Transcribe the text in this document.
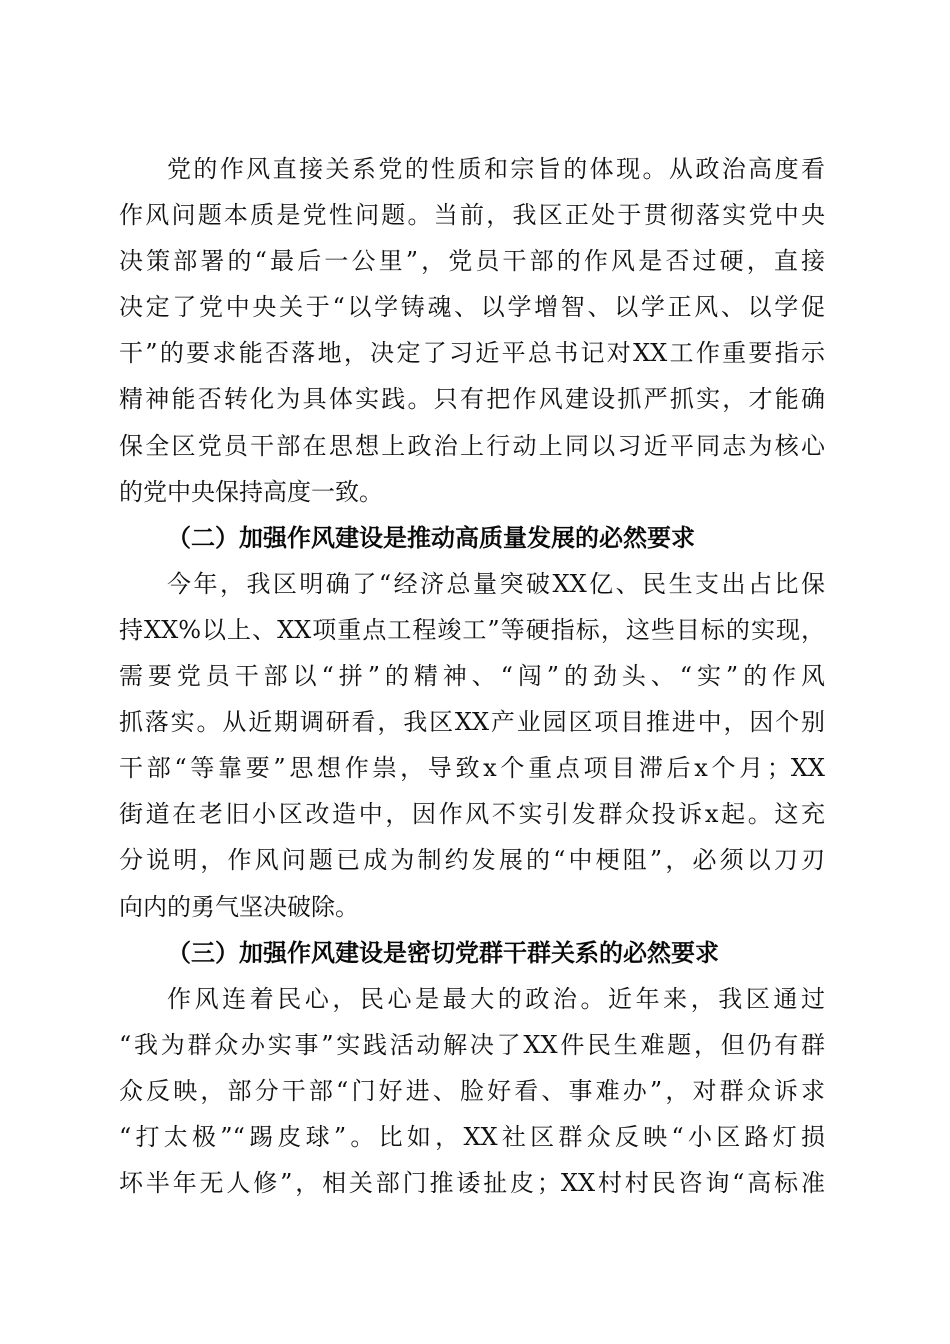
党的作风直接关系党的性质和宗旨的体现。从政治高度看
作风问题本质是党性问题。当前，我区正处于贯彻落实党中央
决策部署的“最后一公里”，党员干部的作风是否过硬，直接
决定了党中央关于“以学铸魂、以学增智、以学正风、以学促
干”的要求能否落地，决定了习近平总书记对XX工作重要指示
精神能否转化为具体实践。只有把作风建设抓严抓实，才能确
保全区党员干部在思想上政治上行动上同以习近平同志为核心
的党中央保持高度一致。
（二）加强作风建设是推动高质量发展的必然要求
今年，我区明确了“经济总量突破XX亿、民生支出占比保
持XX%以上、XX项重点工程竣工”等硬指标，这些目标的实现，
需要党员干部以“拼”的精神、“闯”的劲头、“实”的作风
抓落实。从近期调研看，我区XX产业园区项目推进中，因个别
干部“等靠要”思想作祟，导致x个重点项目滞后x个月；XX
街道在老旧小区改造中，因作风不实引发群众投诉x起。这充
分说明，作风问题已成为制约发展的“中梗阻”，必须以刀刃
向内的勇气坚决破除。
（三）加强作风建设是密切党群干群关系的必然要求
作风连着民心，民心是最大的政治。近年来，我区通过
“我为群众办实事”实践活动解决了XX件民生难题，但仍有群
众反映，部分干部“门好进、脸好看、事难办”，对群众诉求
“打太极”“踢皮球”。比如，XX社区群众反映“小区路灯损
坏半年无人修”，相关部门推诿扯皮；XX村村民咨询“高标准
